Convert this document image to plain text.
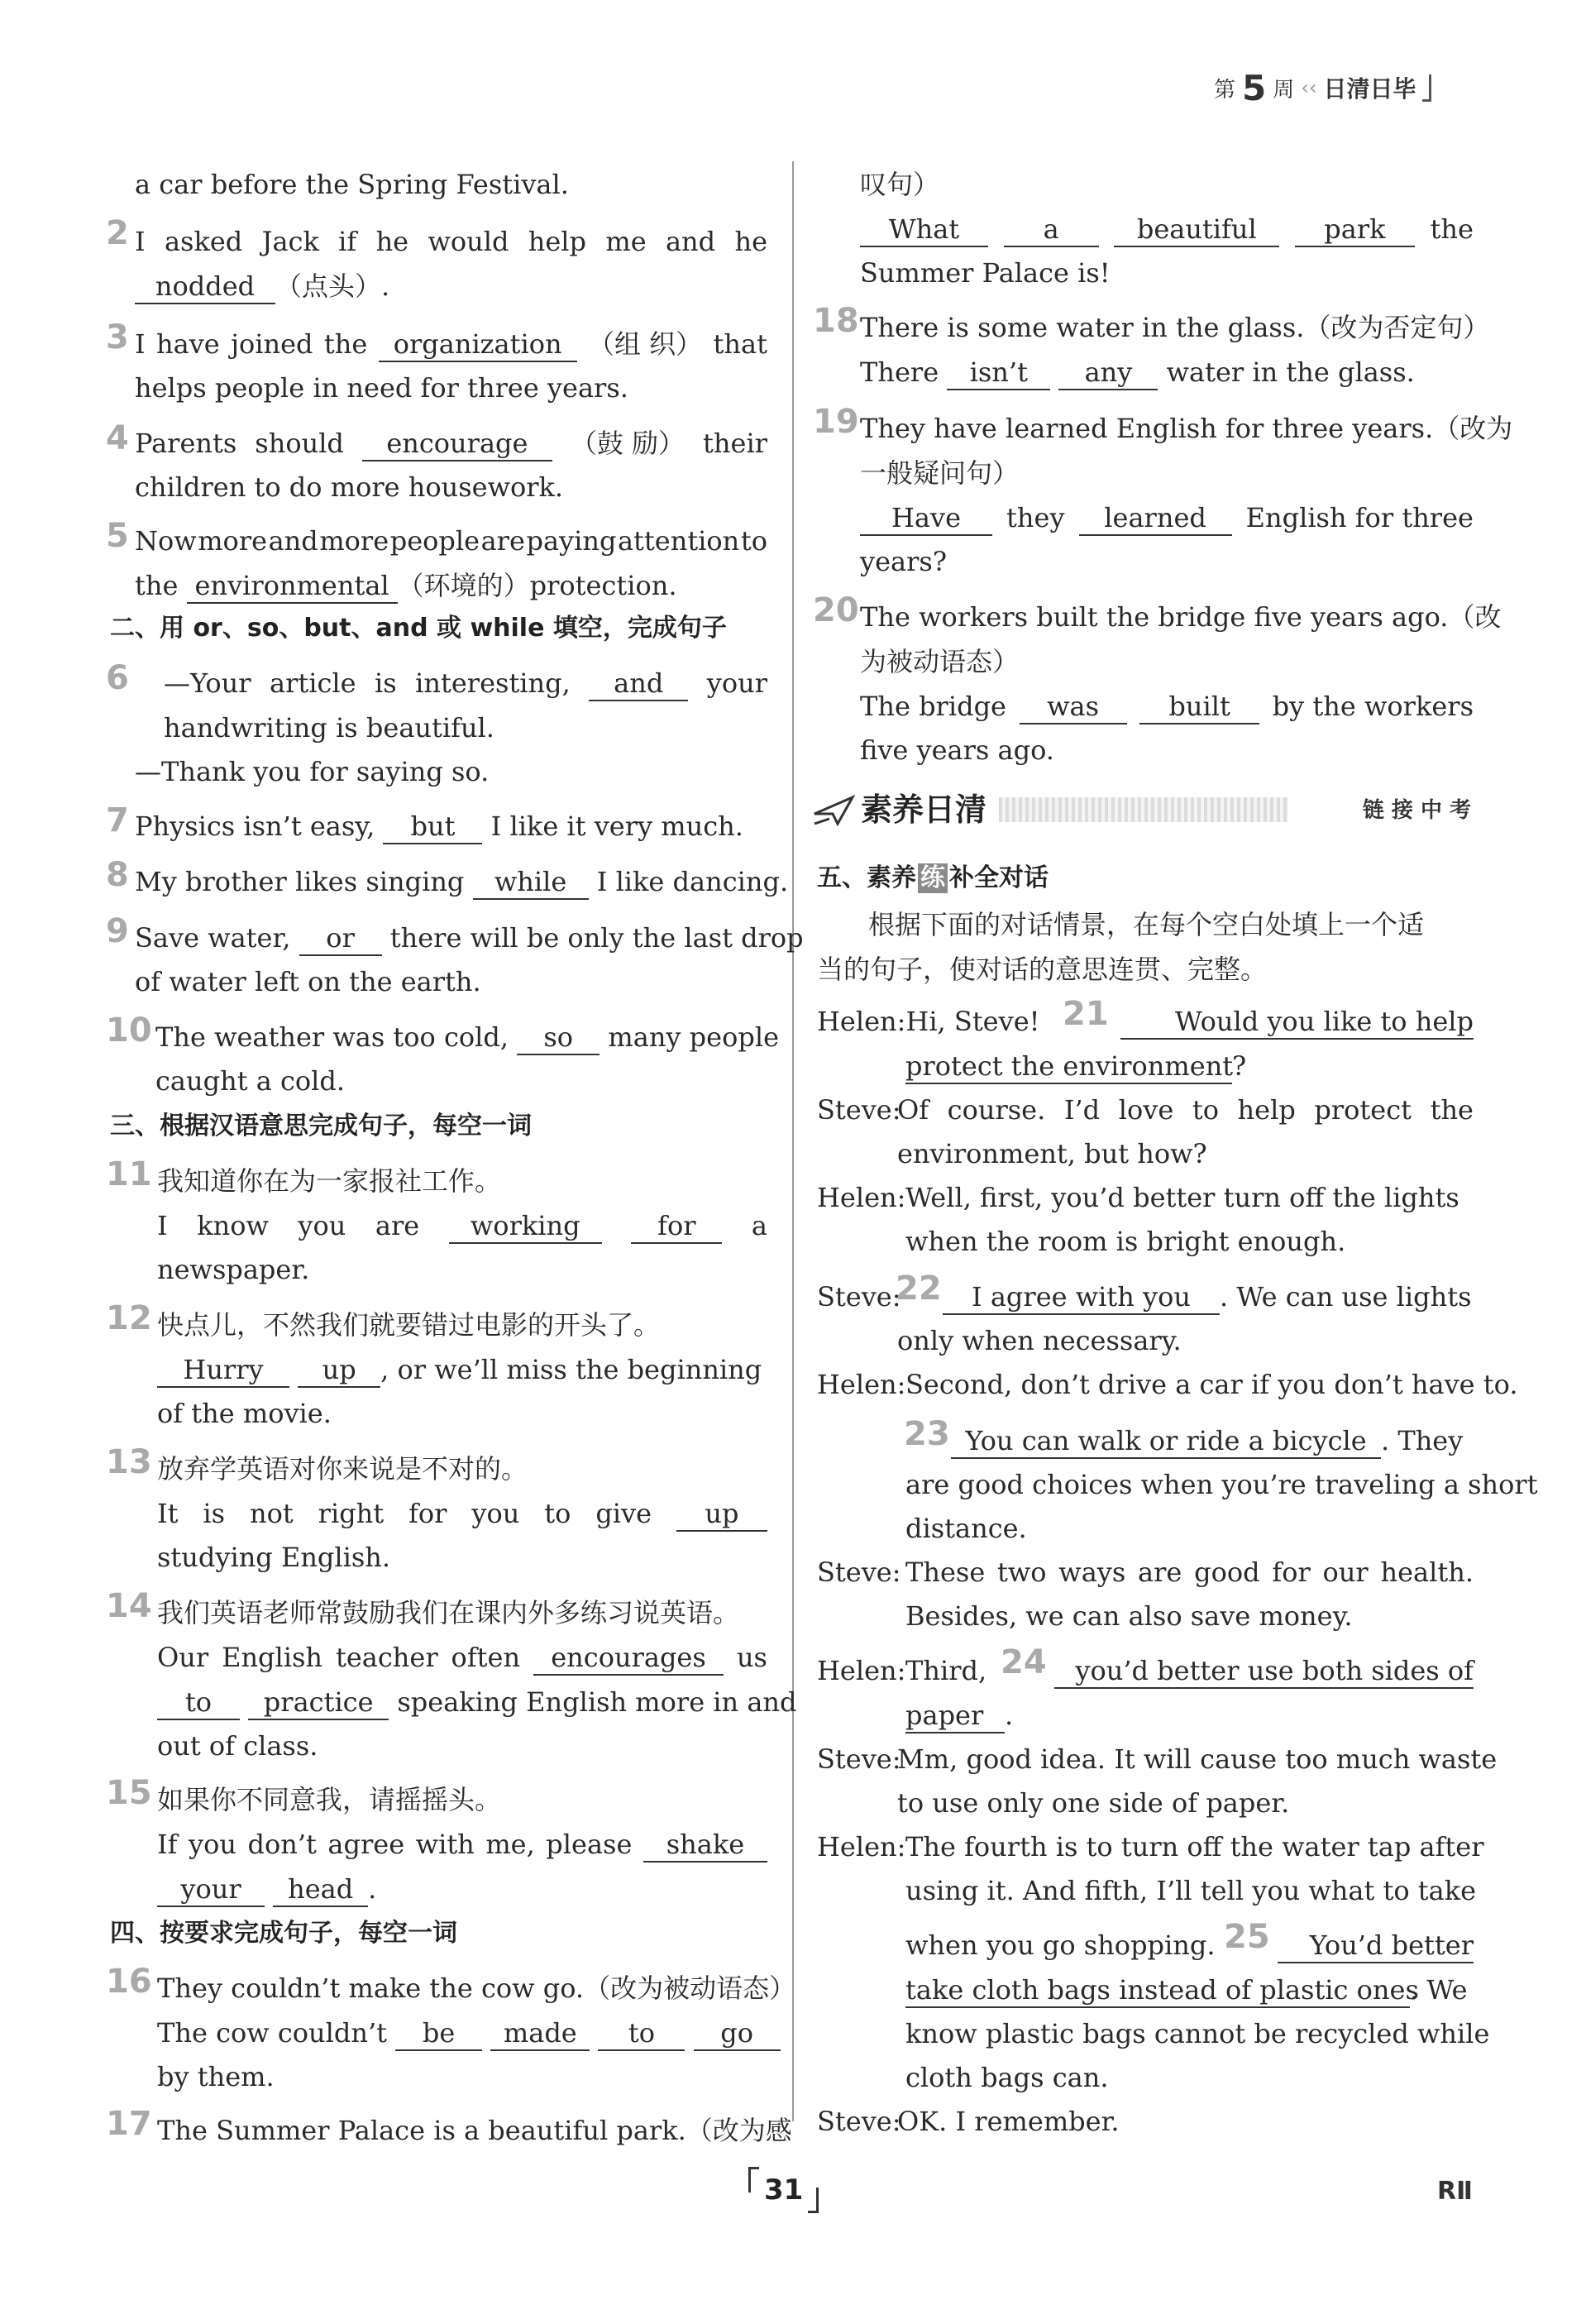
第 5 周 ‹‹ 日清日毕
a car before the Spring Festival.
2 I asked Jack if he would help me and he
nodded （点头）.
3 I have joined the organization （组 织） that
helps people in need for three years.
4 Parents should	encourage	（鼓 励） their
children to do more housework.
5 Now more and more people are paying attention to
the environmental （环境的）protection.
二、用 or、so、but、and 或 while 填空，完成句子
6 —Your article is interesting,	and	your
handwriting is beautiful.
—Thank you for saying so.
7 Physics isn’t easy, but I like it very much.
8 My brother likes singing while I like dancing.
9 Save water, or there will be only the last drop
of water left on the earth.
10 The weather was too cold, so many people
caught a cold.
三、根据汉语意思完成句子，每空一词
11 我知道你在为一家报社工作。
I know you are	working	for	a
newspaper.
12 快点儿，不然我们就要错过电影的开头了。
Hurry up , or we’ll miss the beginning
of the movie.
13 放弃学英语对你来说是不对的。
It is not right for you to give	up
studying English.
14 我们英语老师常鼓励我们在课内外多练习说英语。
Our English teacher often	encourages	us
to practice speaking English more in and
out of class.
15 如果你不同意我，请摇摇头。
If you don’t agree with me, please	shake
your head .
四、按要求完成句子，每空一词
16 They couldn’t make the cow go.（改为被动语态）
The cow couldn’t be made to go
by them.
17 The Summer Palace is a beautiful park.（改为感
叹句）
What	a	beautiful	park	the
Summer Palace is!
18 There is some water in the glass.（改为否定句）
There isn’t any water in the glass.
19 They have learned English for three years.（改为
一般疑问句）
Have	they	learned	English for three
years?
20 The workers built the bridge five years ago.（改
为被动语态）
The bridge	was	built	by the workers
five years ago.
素养日清	链 接 中 考
五、素养 练 补全对话
根据下面的对话情景，在每个空白处填上一个适
当的句子，使对话的意思连贯、完整。
Helen:Hi, Steve! 21	Would you like to help
protect the environment?
Steve:
Of course. I’d love to help protect the
environment, but how?
Helen: Well, first, you’d better turn off the lights
when the room is bright enough.
Steve:
22	I agree with you . We can use lights
only when necessary.
Helen: Second, don’t drive a car if you don’t have to.
23 You can walk or ride a bicycle . They
are good choices when you’re traveling a short
distance.
Steve: These two ways are good for our health.
Besides, we can also save money.
Helen: Third, 24	you’d better use both sides of
paper .
Steve:
Mm, good idea. It will cause too much waste
to use only one side of paper.
Helen: The fourth is to turn off the water tap after
using it. And fifth, I’ll tell you what to take
when you go shopping. 25	You’d better
take cloth bags instead of plastic ones. We
know plastic bags cannot be recycled while
cloth bags can.
Steve:
OK. I remember.
31	RⅡ
